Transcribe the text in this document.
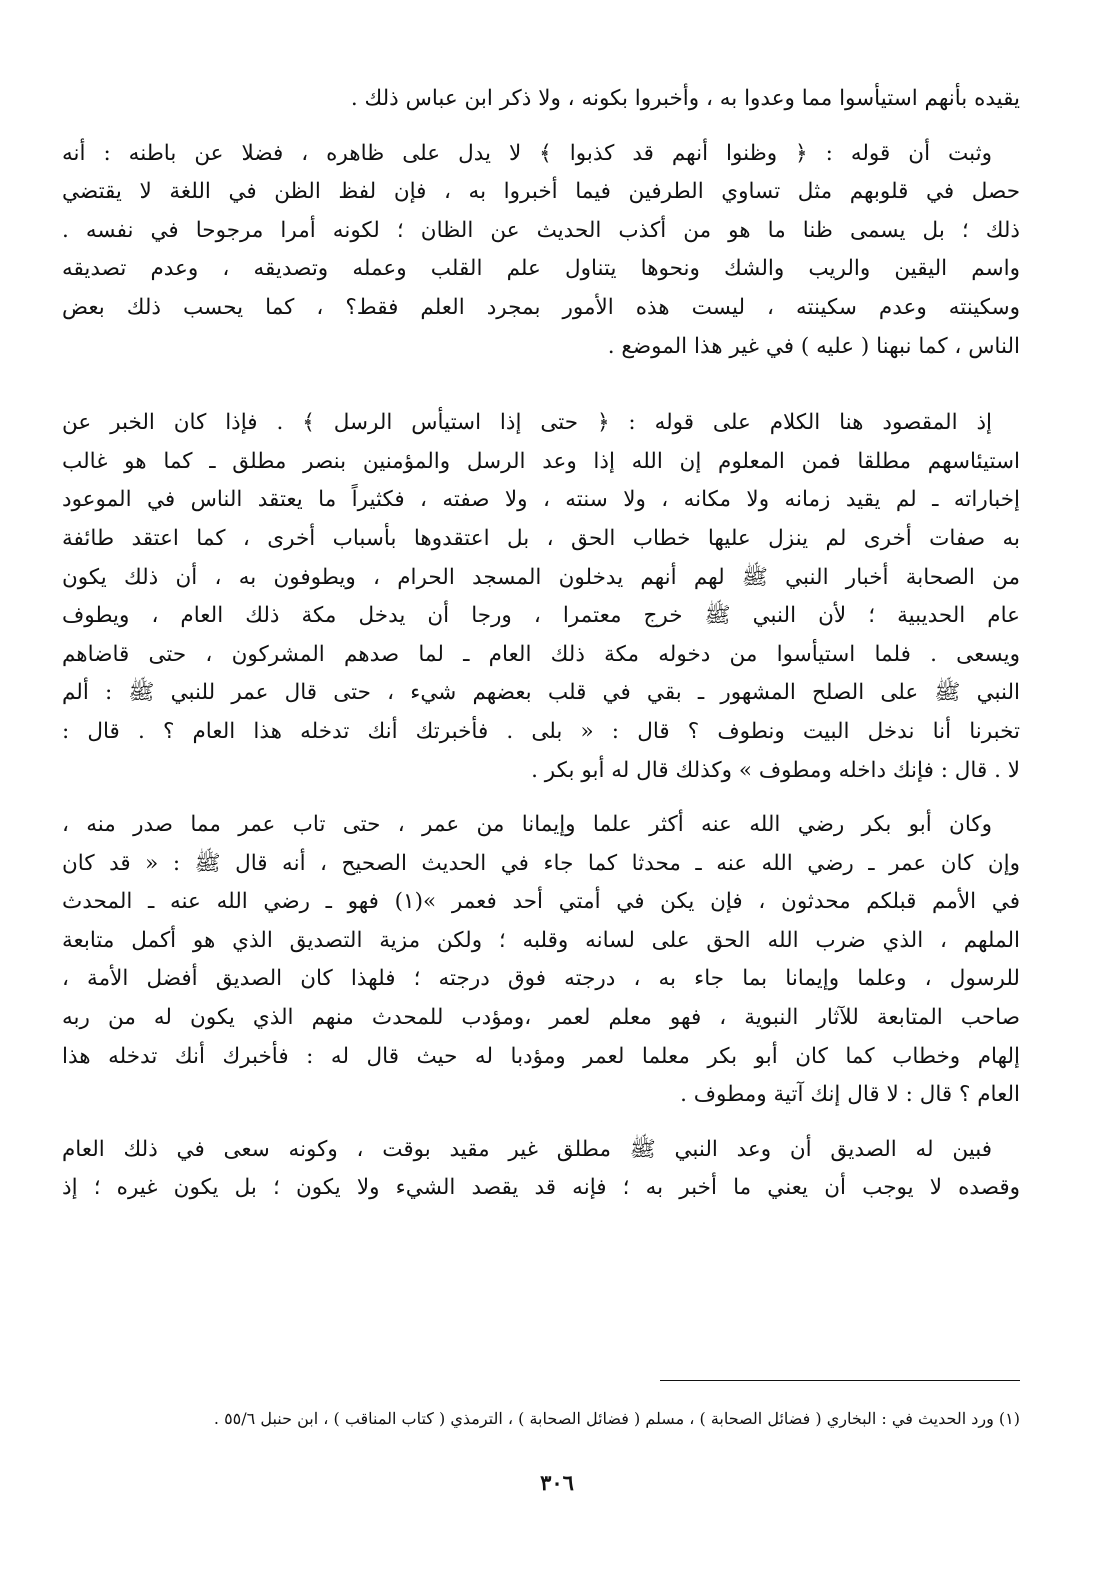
يقيده بأنهم استيأسوا مما وعدوا به ، وأخبروا بكونه ، ولا ذكر ابن عباس ذلك .
وثبت أن قوله : ﴿ وظنوا أنهم قد كذبوا ﴾ لا يدل على ظاهره ، فضلا عن باطنه : أنه
حصل في قلوبهم مثل تساوي الطرفين فيما أخبروا به ، فإن لفظ الظن في اللغة لا يقتضي
ذلك ؛ بل يسمى ظنا ما هو من أكذب الحديث عن الظان ؛ لكونه أمرا مرجوحا في نفسه .
واسم اليقين والريب والشك ونحوها يتناول علم القلب وعمله وتصديقه ، وعدم تصديقه
وسكينته وعدم سكينته ، ليست هذه الأمور بمجرد العلم فقط؟ ، كما يحسب ذلك بعض
الناس ، كما نبهنا ( عليه ) في غير هذا الموضع .
إذ المقصود هنا الكلام على قوله : ﴿ حتى إذا استيأس الرسل ﴾ . فإذا كان الخبر عن
استيئاسهم مطلقا فمن المعلوم إن الله إذا وعد الرسل والمؤمنين بنصر مطلق ـ كما هو غالب
إخباراته ـ لم يقيد زمانه ولا مكانه ، ولا سنته ، ولا صفته ، فكثيراً ما يعتقد الناس في الموعود
به صفات أخرى لم ينزل عليها خطاب الحق ، بل اعتقدوها بأسباب أخرى ، كما اعتقد طائفة
من الصحابة أخبار النبي ﷺ لهم أنهم يدخلون المسجد الحرام ، ويطوفون به ، أن ذلك يكون
عام الحديبية ؛ لأن النبي ﷺ خرج معتمرا ، ورجا أن يدخل مكة ذلك العام ، ويطوف
ويسعى . فلما استيأسوا من دخوله مكة ذلك العام ـ لما صدهم المشركون ، حتى قاضاهم
النبي ﷺ على الصلح المشهور ـ بقي في قلب بعضهم شيء ، حتى قال عمر للنبي ﷺ : ألم
تخبرنا أنا ندخل البيت ونطوف ؟ قال : « بلى . فأخبرتك أنك تدخله هذا العام ؟ . قال :
لا . قال : فإنك داخله ومطوف » وكذلك قال له أبو بكر .
وكان أبو بكر رضي الله عنه أكثر علما وإيمانا من عمر ، حتى تاب عمر مما صدر منه ،
وإن كان عمر ـ رضي الله عنه ـ محدثا كما جاء في الحديث الصحيح ، أنه قال ﷺ : « قد كان
في الأمم قبلكم محدثون ، فإن يكن في أمتي أحد فعمر »(١) فهو ـ رضي الله عنه ـ المحدث
الملهم ، الذي ضرب الله الحق على لسانه وقلبه ؛ ولكن مزية التصديق الذي هو أكمل متابعة
للرسول ، وعلما وإيمانا بما جاء به ، درجته فوق درجته ؛ فلهذا كان الصديق أفضل الأمة ،
صاحب المتابعة للآثار النبوية ، فهو معلم لعمر ،ومؤدب للمحدث منهم الذي يكون له من ربه
إلهام وخطاب كما كان أبو بكر معلما لعمر ومؤدبا له حيث قال له : فأخبرك أنك تدخله هذا
العام ؟ قال : لا قال إنك آتية ومطوف .
فبين له الصديق أن وعد النبي ﷺ مطلق غير مقيد بوقت ، وكونه سعى في ذلك العام
وقصده لا يوجب أن يعني ما أخبر به ؛ فإنه قد يقصد الشيء ولا يكون ؛ بل يكون غيره ؛ إذ
(١) ورد الحديث في : البخاري ( فضائل الصحابة ) ، مسلم ( فضائل الصحابة ) ، الترمذي ( كتاب المناقب ) ، ابن حنبل ٥٥/٦ .
٣٠٦
